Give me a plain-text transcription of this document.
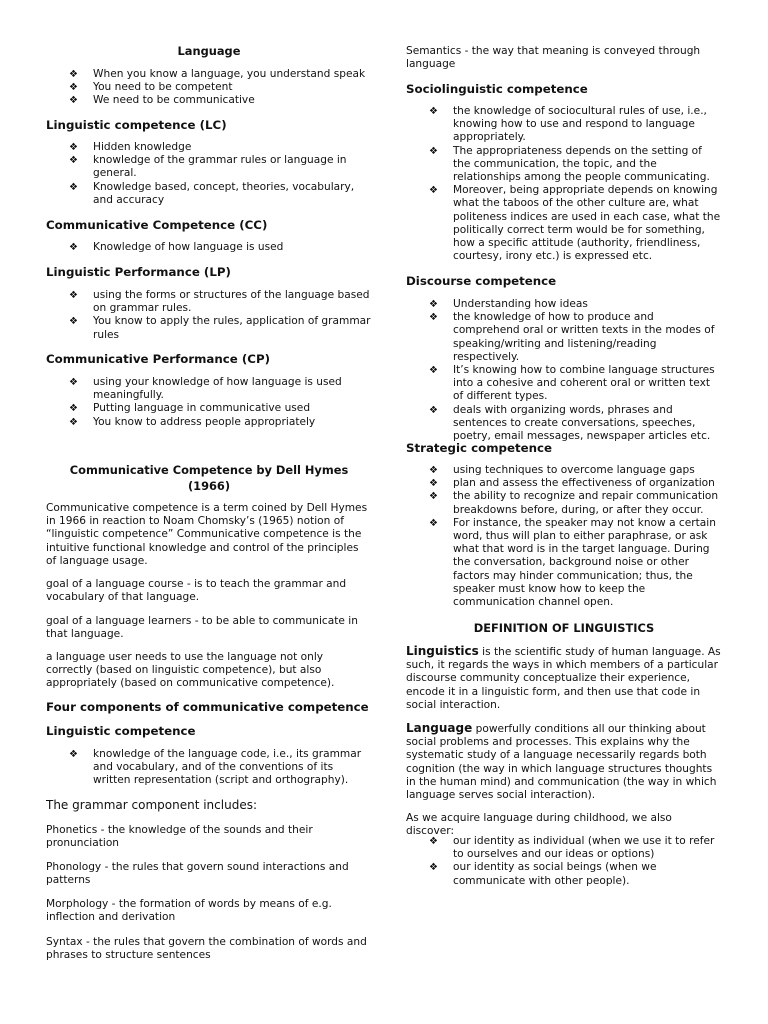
Language
❖ When you know a language, you understand speak
❖ You need to be competent
❖ We need to be communicative
Linguistic competence (LC)
❖ Hidden knowledge
❖ knowledge of the grammar rules or language in general.
❖ Knowledge based, concept, theories, vocabulary, and accuracy
Communicative Competence (CC)
❖ Knowledge of how language is used
Linguistic Performance (LP)
❖ using the forms or structures of the language based on grammar rules.
❖ You know to apply the rules, application of grammar rules
Communicative Performance (CP)
❖ using your knowledge of how language is used meaningfully.
❖ Putting language in communicative used
❖ You know to address people appropriately
Communicative Competence by Dell Hymes (1966)

Communicative competence is a term coined by Dell Hymes in 1966 in reaction to Noam Chomsky’s (1965) notion of “linguistic competence” Communicative competence is the intuitive functional knowledge and control of the principles of language usage.

goal of a language course - is to teach the grammar and vocabulary of that language.

goal of a language learners - to be able to communicate in that language.

a language user needs to use the language not only correctly (based on linguistic competence), but also appropriately (based on communicative competence).

Four components of communicative competence
Linguistic competence
❖ knowledge of the language code, i.e., its grammar and vocabulary, and of the conventions of its written representation (script and orthography).

The grammar component includes:

Phonetics - the knowledge of the sounds and their pronunciation

Phonology - the rules that govern sound interactions and patterns

Morphology - the formation of words by means of e.g. inflection and derivation

Syntax - the rules that govern the combination of words and phrases to structure sentences

Semantics - the way that meaning is conveyed through language

Sociolinguistic competence
❖ the knowledge of sociocultural rules of use, i.e., knowing how to use and respond to language appropriately.
❖ The appropriateness depends on the setting of the communication, the topic, and the relationships among the people communicating.
❖ Moreover, being appropriate depends on knowing what the taboos of the other culture are, what politeness indices are used in each case, what the politically correct term would be for something, how a specific attitude (authority, friendliness, courtesy, irony etc.) is expressed etc.
Discourse competence
❖ Understanding how ideas
❖ the knowledge of how to produce and comprehend oral or written texts in the modes of speaking/writing and listening/reading respectively.
❖ It’s knowing how to combine language structures into a cohesive and coherent oral or written text of different types.
❖ deals with organizing words, phrases and sentences to create conversations, speeches, poetry, email messages, newspaper articles etc.
Strategic competence
❖ using techniques to overcome language gaps
❖ plan and assess the effectiveness of organization
❖ the ability to recognize and repair communication breakdowns before, during, or after they occur.
❖ For instance, the speaker may not know a certain word, thus will plan to either paraphrase, or ask what that word is in the target language. During the conversation, background noise or other factors may hinder communication; thus, the speaker must know how to keep the communication channel open.
DEFINITION OF LINGUISTICS

Linguistics is the scientific study of human language. As such, it regards the ways in which members of a particular discourse community conceptualize their experience, encode it in a linguistic form, and then use that code in social interaction.

Language powerfully conditions all our thinking about social problems and processes. This explains why the systematic study of a language necessarily regards both cognition (the way in which language structures thoughts in the human mind) and communication (the way in which language serves social interaction).

As we acquire language during childhood, we also discover:

❖ our identity as individual (when we use it to refer to ourselves and our ideas or options)
❖ our identity as social beings (when we communicate with other people).
